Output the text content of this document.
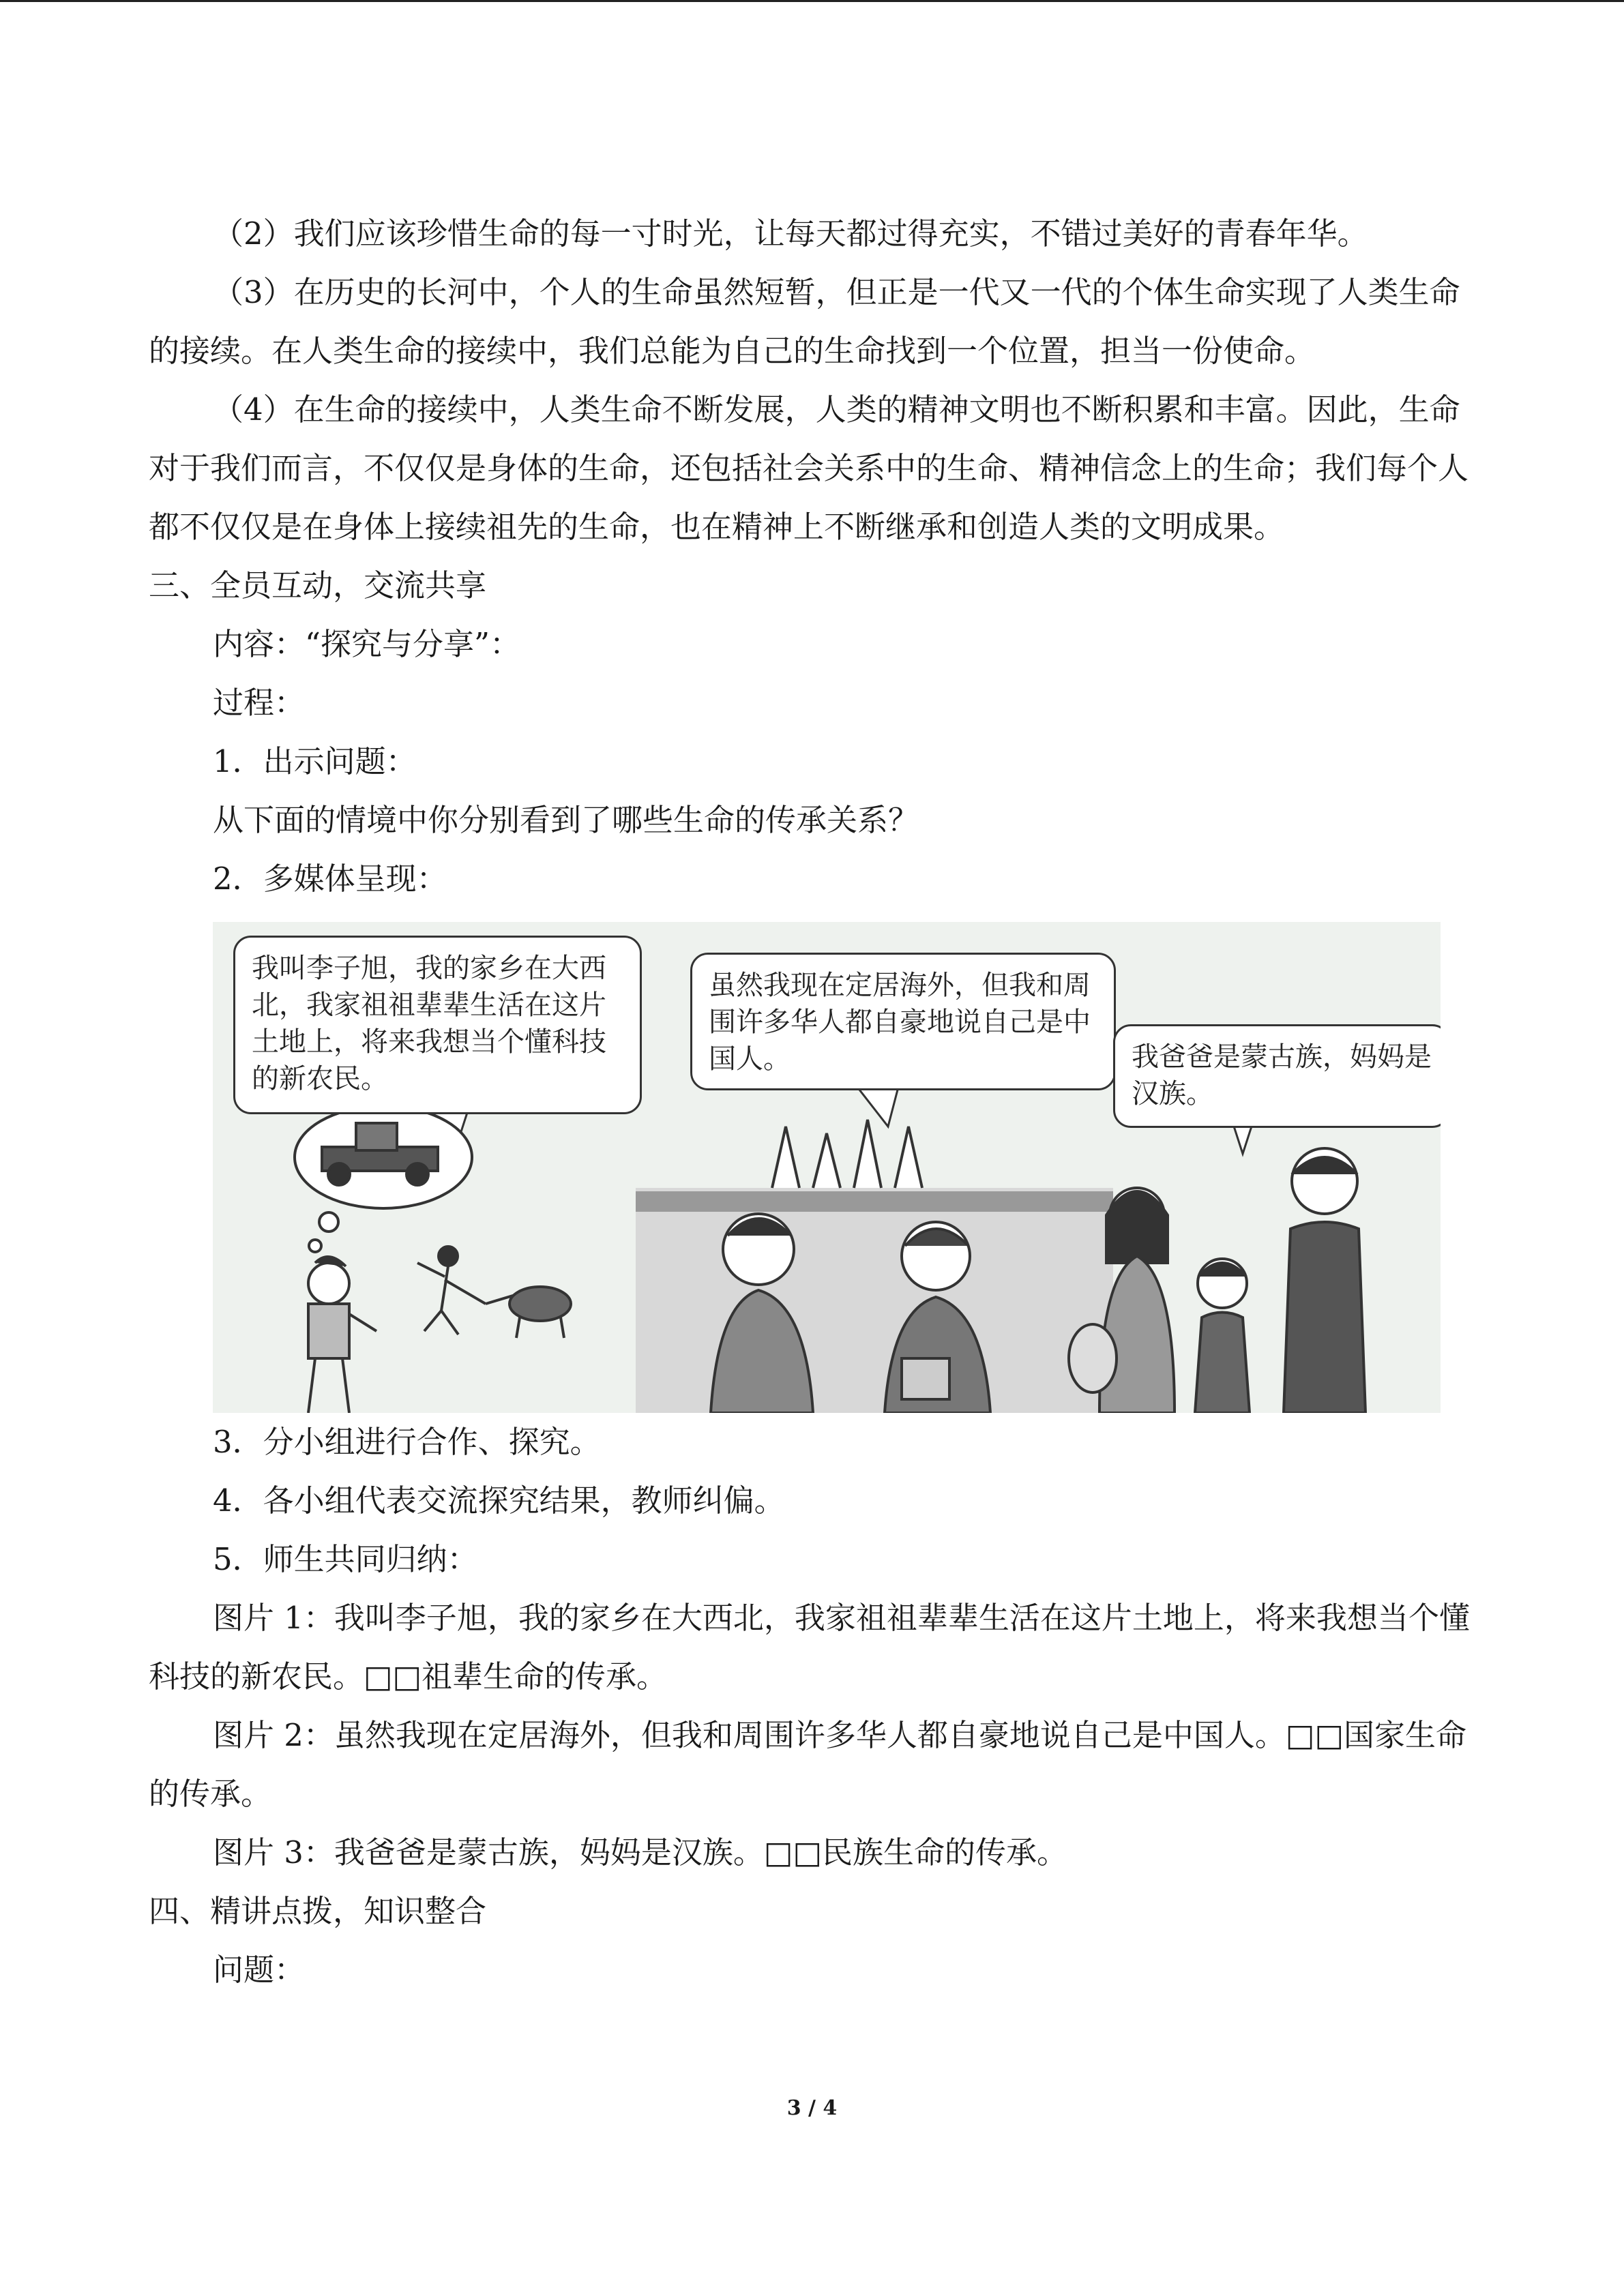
（2）我们应该珍惜生命的每一寸时光，让每天都过得充实，不错过美好的青春年华。

（3）在历史的长河中，个人的生命虽然短暂，但正是一代又一代的个体生命实现了人类生命的接续。在人类生命的接续中，我们总能为自己的生命找到一个位置，担当一份使命。

（4）在生命的接续中，人类生命不断发展，人类的精神文明也不断积累和丰富。因此，生命对于我们而言，不仅仅是身体的生命，还包括社会关系中的生命、精神信念上的生命；我们每个人都不仅仅是在身体上接续祖先的生命，也在精神上不断继承和创造人类的文明成果。

三、全员互动，交流共享

内容：“探究与分享”：

过程：

1．出示问题：

从下面的情境中你分别看到了哪些生命的传承关系？

2．多媒体呈现：

我叫李子旭，我的家乡在大西北，我家祖祖辈辈生活在这片土地上，将来我想当个懂科技的新农民。
虽然我现在定居海外，但我和周围许多华人都自豪地说自己是中国人。	我爸爸是蒙古族，妈妈是汉族。

3．分小组进行合作、探究。

4．各小组代表交流探究结果，教师纠偏。

5．师生共同归纳：

图片 1：我叫李子旭，我的家乡在大西北，我家祖祖辈辈生活在这片土地上，将来我想当个懂科技的新农民。□□祖辈生命的传承。

图片 2：虽然我现在定居海外，但我和周围许多华人都自豪地说自己是中国人。□□国家生命的传承。

图片 3：我爸爸是蒙古族，妈妈是汉族。□□民族生命的传承。

四、精讲点拨，知识整合

问题：

3 / 4
